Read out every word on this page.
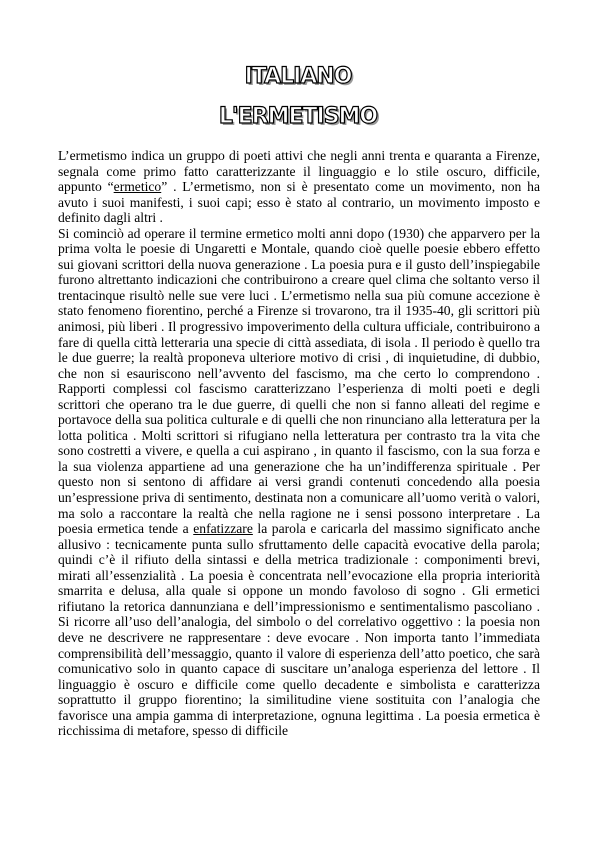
ITALIANO
L'ERMETISMO

L’ermetismo indica un gruppo di poeti attivi che negli anni trenta e quaranta a Firenze, segnala come primo fatto caratterizzante il linguaggio e lo stile oscuro, difficile, appunto “ermetico” . L’ermetismo, non si è presentato come un movimento, non ha avuto i suoi manifesti, i suoi capi; esso è stato al contrario, un movimento imposto e definito dagli altri .

Si cominciò ad operare il termine ermetico molti anni dopo (1930) che apparvero per la prima volta le poesie di Ungaretti e Montale, quando cioè quelle poesie ebbero effetto sui giovani scrittori della nuova generazione . La poesia pura e il gusto dell’inspiegabile furono altrettanto indicazioni che contribuirono a creare quel clima che soltanto verso il trentacinque risultò nelle sue vere luci . L’ermetismo nella sua più comune accezione è stato fenomeno fiorentino, perché a Firenze si trovarono, tra il 1935-40, gli scrittori più animosi, più liberi . Il progressivo impoverimento della cultura ufficiale, contribuirono a fare di quella città letteraria una specie di città assediata, di isola . Il periodo è quello tra le due guerre; la realtà proponeva ulteriore motivo di crisi , di inquietudine, di dubbio, che non si esauriscono nell’avvento del fascismo, ma che certo lo comprendono . Rapporti complessi col fascismo caratterizzano l’esperienza di molti poeti e degli scrittori che operano tra le due guerre, di quelli che non si fanno alleati del regime e portavoce della sua politica culturale e di quelli che non rinunciano alla letteratura per la lotta politica . Molti scrittori si rifugiano nella letteratura per contrasto tra la vita che sono costretti a vivere, e quella a cui aspirano , in quanto il fascismo, con la sua forza e la sua violenza appartiene ad una generazione che ha un’indifferenza spirituale . Per questo non si sentono di affidare ai versi grandi contenuti concedendo alla poesia un’espressione priva di sentimento, destinata non a comunicare all’uomo verità o valori, ma solo a raccontare la realtà che nella ragione ne i sensi possono interpretare . La poesia ermetica tende a enfatizzare la parola e caricarla del massimo significato anche allusivo : tecnicamente punta sullo sfruttamento delle capacità evocative della parola; quindi c’è il rifiuto della sintassi e della metrica tradizionale : componimenti brevi, mirati all’essenzialità . La poesia è concentrata nell’evocazione ella propria interiorità smarrita e delusa, alla quale si oppone un mondo favoloso di sogno . Gli ermetici rifiutano la retorica dannunziana e dell’impressionismo e sentimentalismo pascoliano . Si ricorre all’uso dell’analogia, del simbolo o del correlativo oggettivo : la poesia non deve ne descrivere ne rappresentare : deve evocare . Non importa tanto l’immediata comprensibilità dell’messaggio, quanto il valore di esperienza dell’atto poetico, che sarà comunicativo solo in quanto capace di suscitare un’analoga esperienza del lettore . Il linguaggio è oscuro e difficile come quello decadente e simbolista e caratterizza soprattutto il gruppo fiorentino; la similitudine viene sostituita con l’analogia che favorisce una ampia gamma di interpretazione, ognuna legittima . La poesia ermetica è ricchissima di metafore, spesso di difficile
